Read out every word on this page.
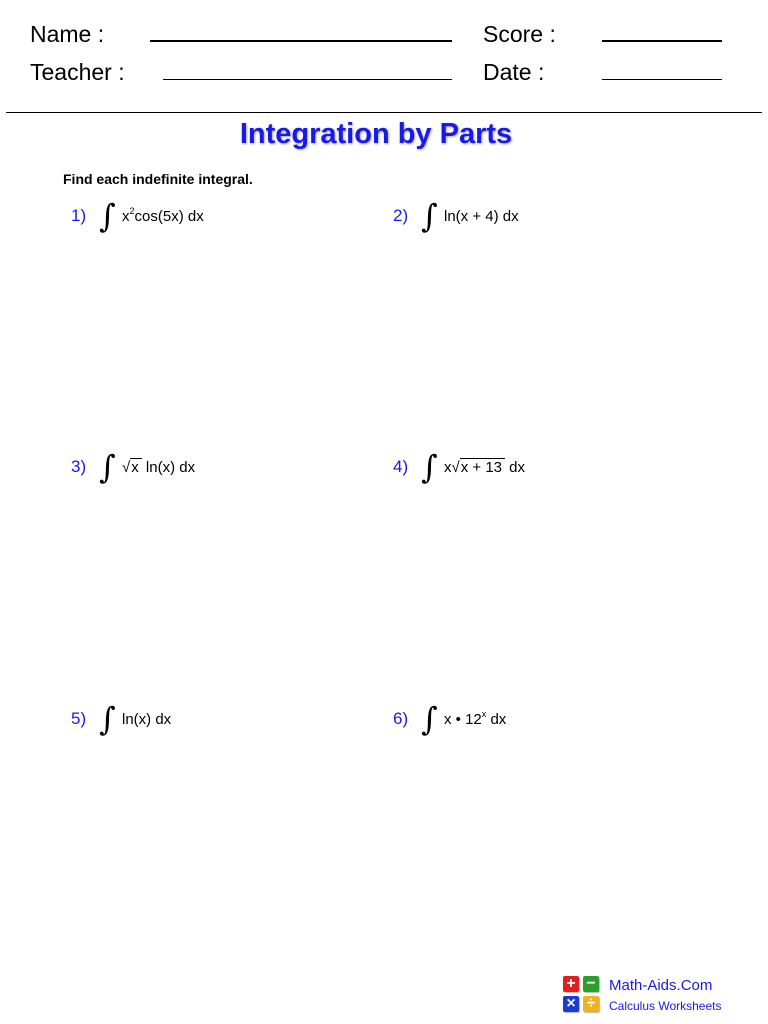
Name :
Teacher :
Score :
Date :
Integration by Parts
Find each indefinite integral.
1) ∫ $x^2\cos(5x)$ dx	2) ∫ ln(x + 4) dx
3) ∫ √x ln(x) dx	4) ∫ x√x + 13 dx
5) ∫ ln(x) dx	6) ∫ x • 12$^x$ dx
+ −
× ÷
Math-Aids.Com
Calculus Worksheets
